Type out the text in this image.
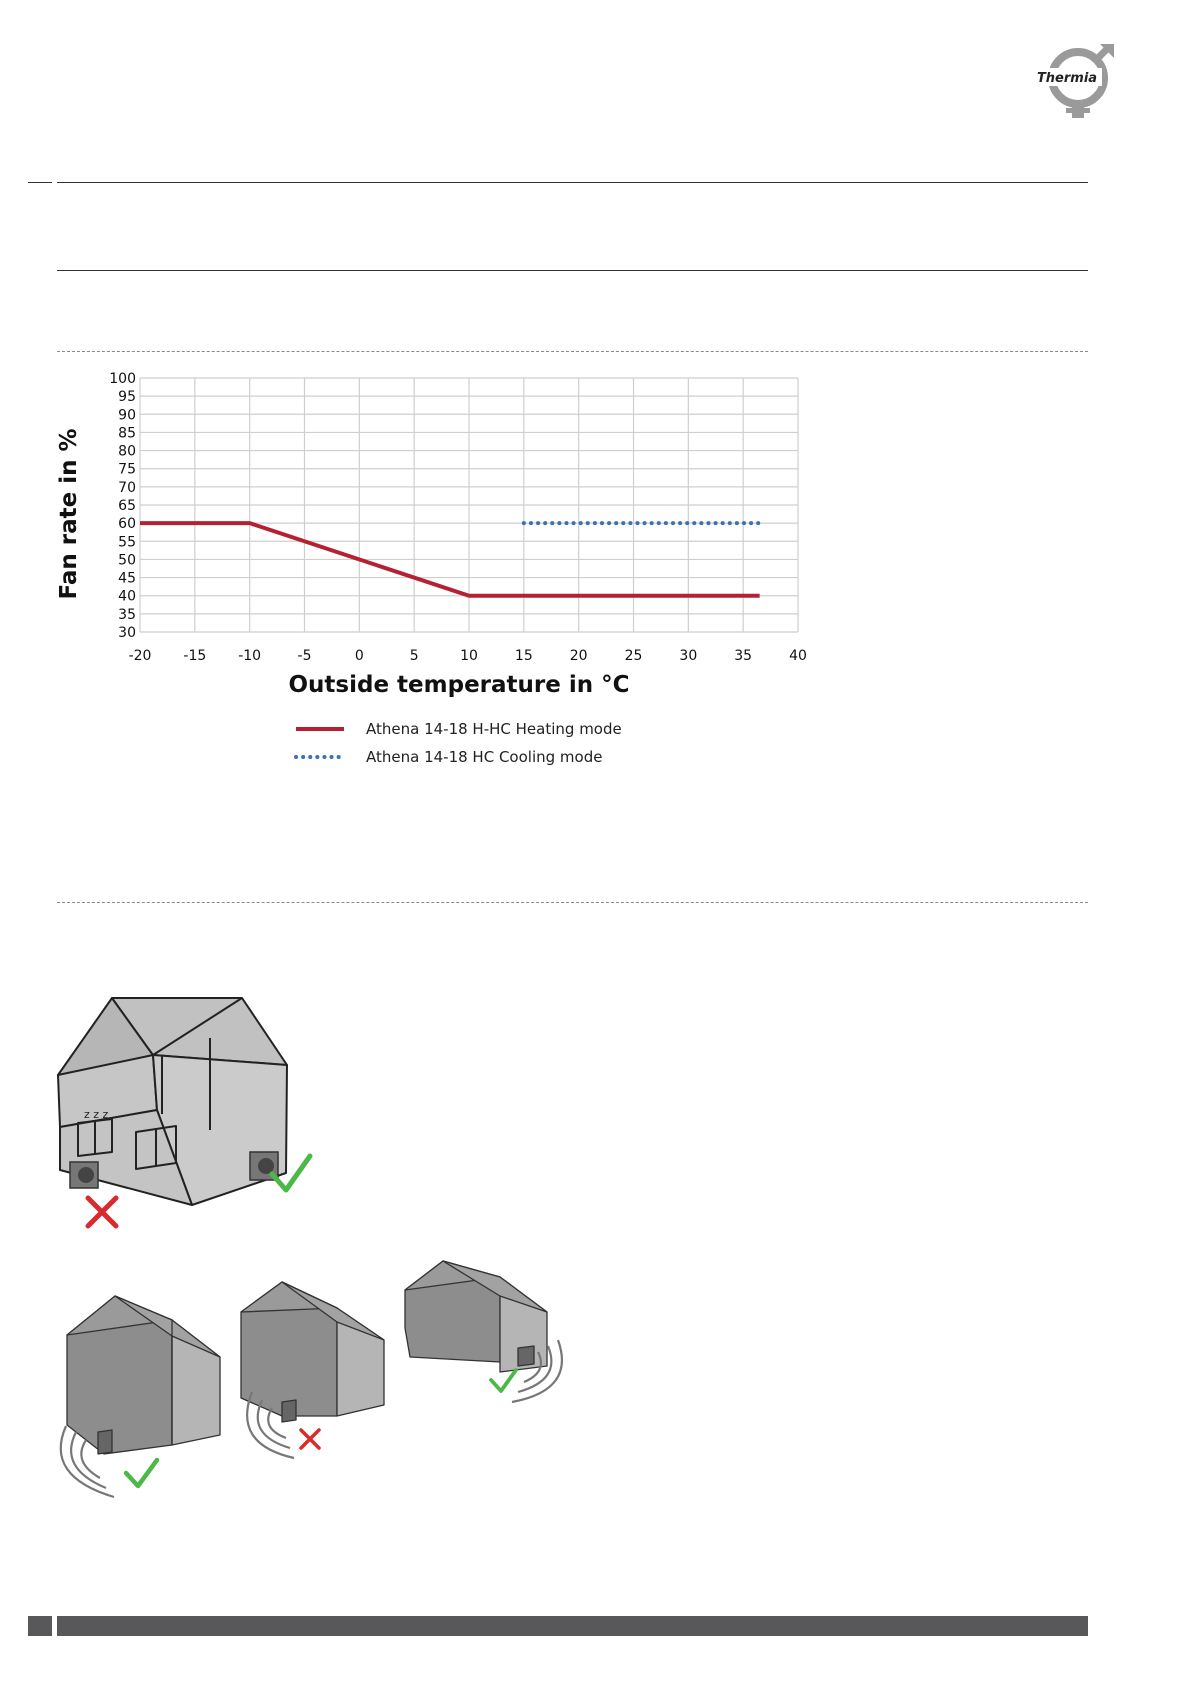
Thermia
100
95
90
85
80
75
70
65
60
55
50
45
40
35
30
-20 -15 -10	-5	0	5	10	15	20	25	30	35	40
Fan rate in %
Outside temperature in °C
Athena 14-18 H-HC Heating mode
Athena 14-18 HC Cooling mode
z z z
